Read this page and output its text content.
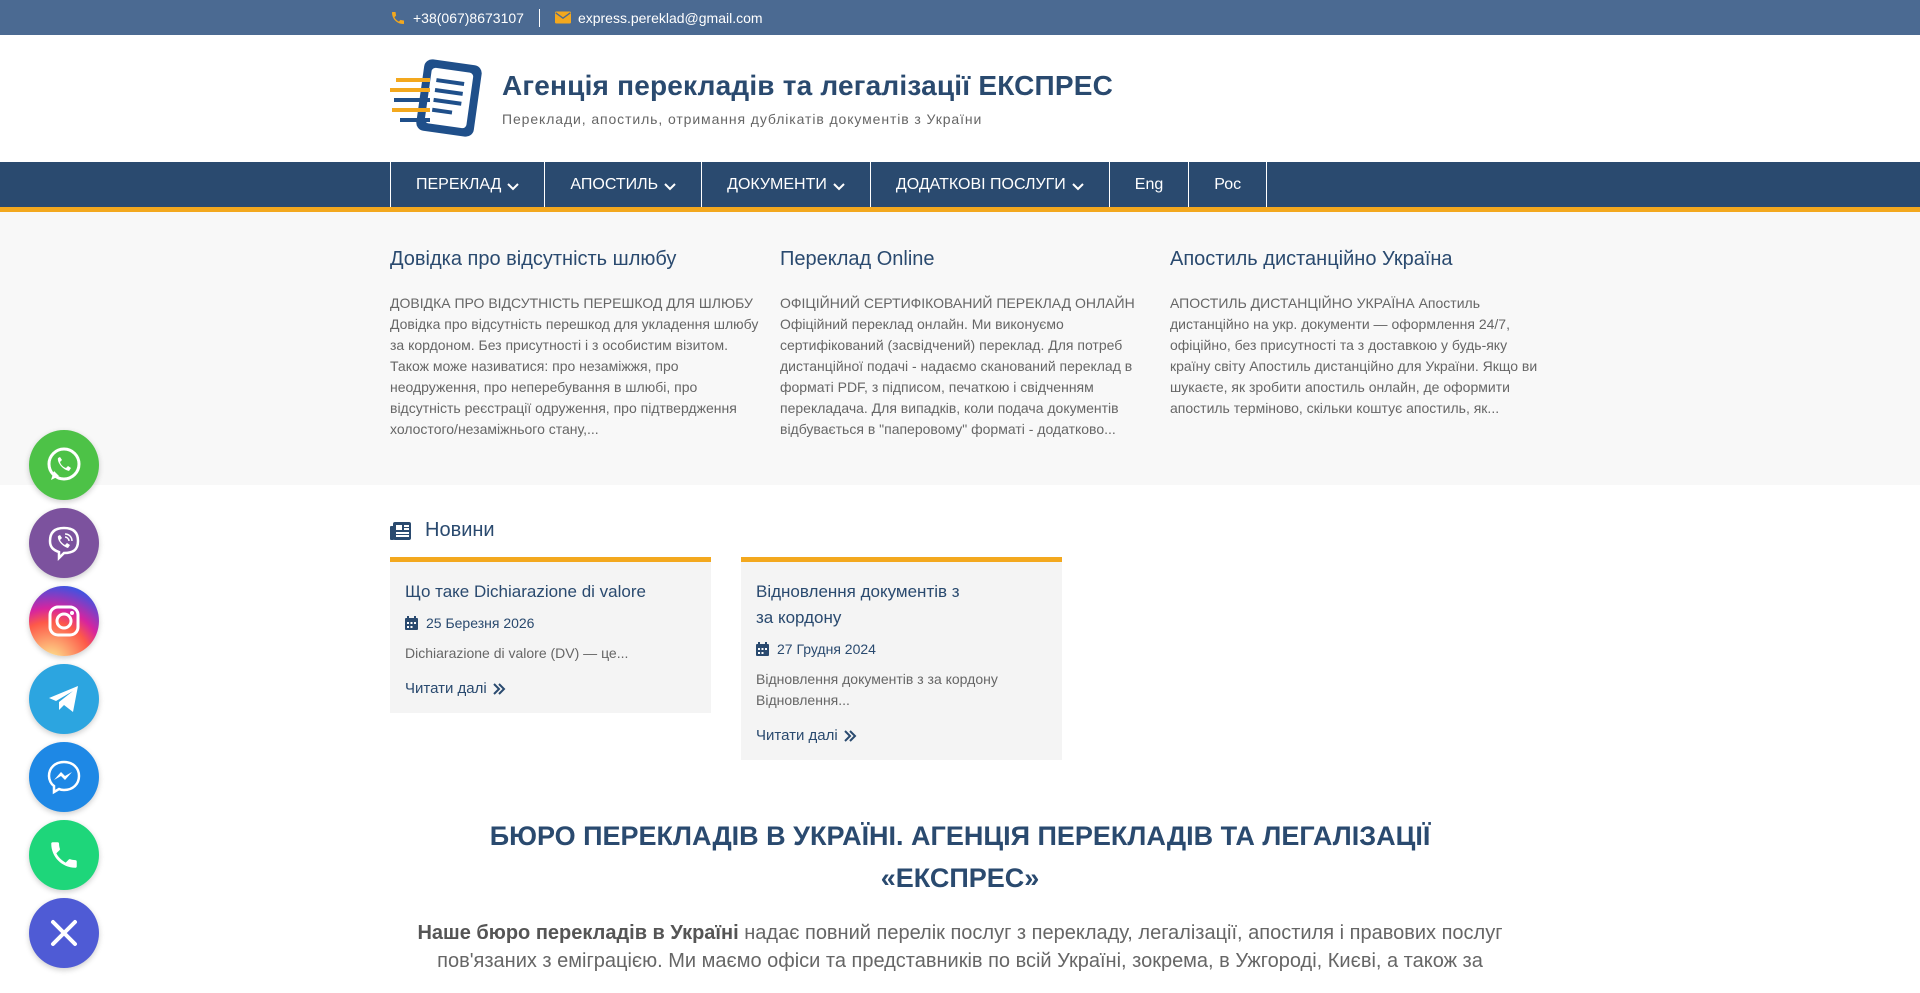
+38(067)8673107	express.pereklad@gmail.com
Агенція перекладів та легалізації ЕКСПРЕС
Переклади, апостиль, отримання дублікатів документів з України
ПЕРЕКЛАД	АПОСТИЛЬ	ДОКУМЕНТИ	ДОДАТКОВІ ПОСЛУГИ	Eng	Рос
Довідка про відсутність шлюбу

ДОВІДКА ПРО ВІДСУТНІСТЬ ПЕРЕШКОД ДЛЯ ШЛЮБУ Довідка про відсутність перешкод для укладення шлюбу за кордоном. Без присутності і з особистим візитом. Також може називатися: про незаміжжя, про неодруження, про неперебування в шлюбі, про відсутність реєстрації одруження, про підтвердження холостого/незаміжнього стану,...

Переклад Online

ОФІЦІЙНИЙ СЕРТИФІКОВАНИЙ ПЕРЕКЛАД ОНЛАЙН Офіційний переклад онлайн. Ми виконуємо сертифікований (засвідчений) переклад. Для потреб дистанційної подачі - надаємо сканований переклад в форматі PDF, з підписом, печаткою і свідченням перекладача. Для випадків, коли подача документів відбувається в "паперовому" форматі - додатково...

Апостиль дистанційно Україна

АПОСТИЛЬ ДИСТАНЦІЙНО УКРАЇНА Апостиль дистанційно на укр. документи — оформлення 24/7, офіційно, без присутності та з доставкою у будь-яку країну світу Апостиль дистанційно для України. Якщо ви шукаєте, як зробити апостиль онлайн, де оформити апостиль терміново, скільки коштує апостиль, як...

Новини
Що таке Dichiarazione di valore
25 Березня 2026
Dichiarazione di valore (DV) — це...
Читати далі
Відновлення документів з за кордону
27 Грудня 2024
Відновлення документів з за кордону Відновлення...
Читати далі
БЮРО ПЕРЕКЛАДІВ В УКРАЇНІ. АГЕНЦІЯ ПЕРЕКЛАДІВ ТА ЛЕГАЛІЗАЦІЇ «ЕКСПРЕС»

Наше бюро перекладів в Україні надає повний перелік послуг з перекладу, легалізації, апостиля і правових послуг пов'язаних з еміграцією. Ми маємо офіси та представників по всій Україні, зокрема, в Ужгороді, Києві, а також за
